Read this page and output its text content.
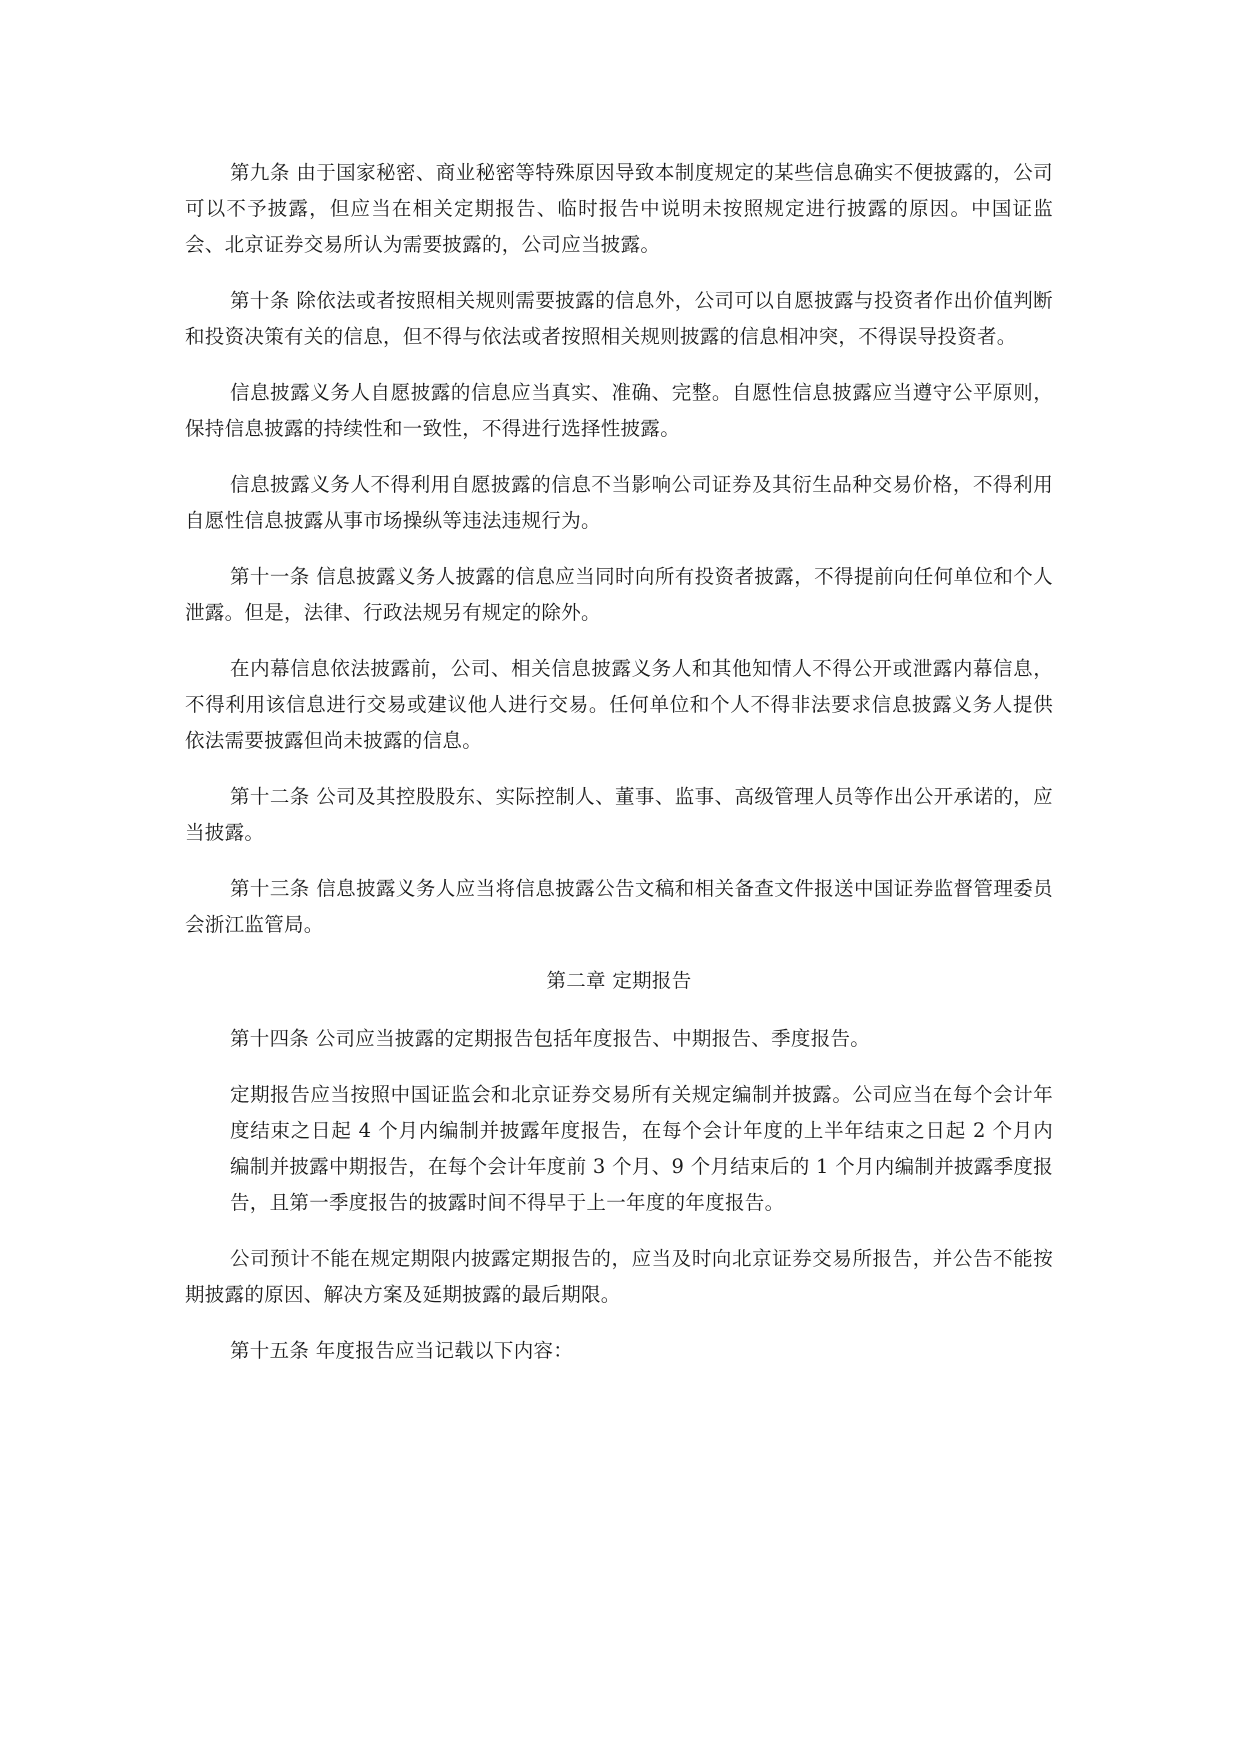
第九条 由于国家秘密、商业秘密等特殊原因导致本制度规定的某些信息确实不便披露的，公司可以不予披露，但应当在相关定期报告、临时报告中说明未按照规定进行披露的原因。中国证监会、北京证券交易所认为需要披露的，公司应当披露。

第十条 除依法或者按照相关规则需要披露的信息外，公司可以自愿披露与投资者作出价值判断和投资决策有关的信息，但不得与依法或者按照相关规则披露的信息相冲突，不得误导投资者。

信息披露义务人自愿披露的信息应当真实、准确、完整。自愿性信息披露应当遵守公平原则，保持信息披露的持续性和一致性，不得进行选择性披露。

信息披露义务人不得利用自愿披露的信息不当影响公司证券及其衍生品种交易价格，不得利用自愿性信息披露从事市场操纵等违法违规行为。

第十一条 信息披露义务人披露的信息应当同时向所有投资者披露，不得提前向任何单位和个人泄露。但是，法律、行政法规另有规定的除外。

在内幕信息依法披露前，公司、相关信息披露义务人和其他知情人不得公开或泄露内幕信息，不得利用该信息进行交易或建议他人进行交易。任何单位和个人不得非法要求信息披露义务人提供依法需要披露但尚未披露的信息。

第十二条 公司及其控股股东、实际控制人、董事、监事、高级管理人员等作出公开承诺的，应当披露。

第十三条 信息披露义务人应当将信息披露公告文稿和相关备查文件报送中国证券监督管理委员会浙江监管局。

第二章 定期报告

第十四条 公司应当披露的定期报告包括年度报告、中期报告、季度报告。

定期报告应当按照中国证监会和北京证券交易所有关规定编制并披露。公司应当在每个会计年度结束之日起 4 个月内编制并披露年度报告，在每个会计年度的上半年结束之日起 2 个月内编制并披露中期报告，在每个会计年度前 3 个月、9 个月结束后的 1 个月内编制并披露季度报告，且第一季度报告的披露时间不得早于上一年度的年度报告。

公司预计不能在规定期限内披露定期报告的，应当及时向北京证券交易所报告，并公告不能按期披露的原因、解决方案及延期披露的最后期限。

第十五条 年度报告应当记载以下内容：
